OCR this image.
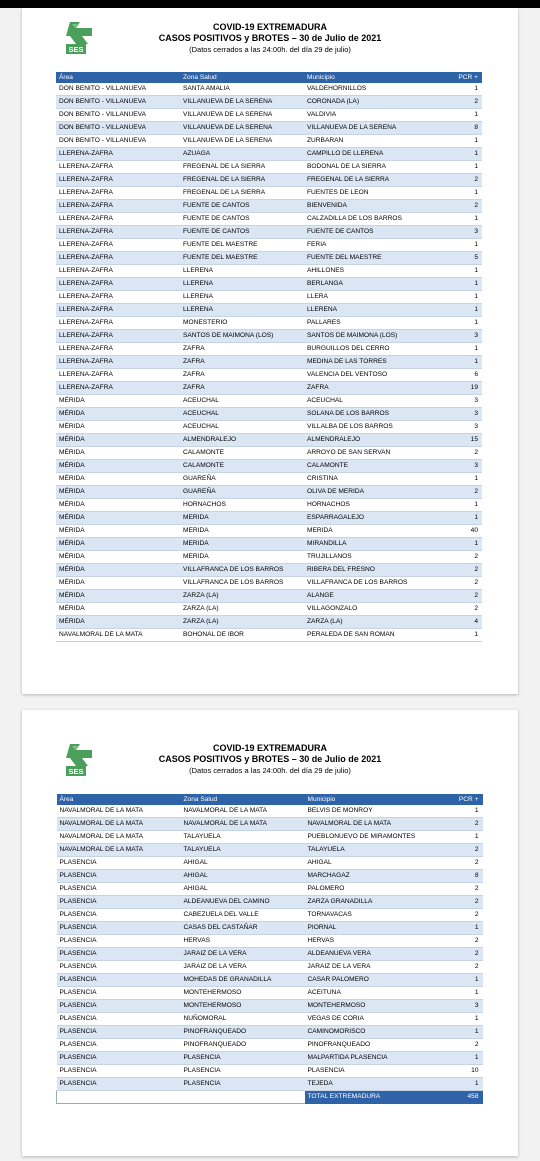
SES
COVID-19 EXTREMADURA
CASOS POSITIVOS y BROTES – 30 de Julio de 2021
(Datos cerrados a las 24:00h. del día 29 de julio)
Área	Zona Salud	Municipio	PCR +
DON BENITO - VILLANUEVA	SANTA AMALIA	VALDEHORNILLOS	1
DON BENITO - VILLANUEVA	VILLANUEVA DE LA SERENA	CORONADA (LA)	2
DON BENITO - VILLANUEVA	VILLANUEVA DE LA SERENA	VALDIVIA	1
DON BENITO - VILLANUEVA	VILLANUEVA DE LA SERENA	VILLANUEVA DE LA SERENA	8
DON BENITO - VILLANUEVA	VILLANUEVA DE LA SERENA	ZURBARAN	1
LLERENA-ZAFRA	AZUAGA	CAMPILLO DE LLERENA	1
LLERENA-ZAFRA	FREGENAL DE LA SIERRA	BODONAL DE LA SIERRA	1
LLERENA-ZAFRA	FREGENAL DE LA SIERRA	FREGENAL DE LA SIERRA	2
LLERENA-ZAFRA	FREGENAL DE LA SIERRA	FUENTES DE LEON	1
LLERENA-ZAFRA	FUENTE DE CANTOS	BIENVENIDA	2
LLERENA-ZAFRA	FUENTE DE CANTOS	CALZADILLA DE LOS BARROS	1
LLERENA-ZAFRA	FUENTE DE CANTOS	FUENTE DE CANTOS	3
LLERENA-ZAFRA	FUENTE DEL MAESTRE	FERIA	1
LLERENA-ZAFRA	FUENTE DEL MAESTRE	FUENTE DEL MAESTRE	5
LLERENA-ZAFRA	LLERENA	AHILLONES	1
LLERENA-ZAFRA	LLERENA	BERLANGA	1
LLERENA-ZAFRA	LLERENA	LLERA	1
LLERENA-ZAFRA	LLERENA	LLERENA	1
LLERENA-ZAFRA	MONESTERIO	PALLARES	1
LLERENA-ZAFRA	SANTOS DE MAIMONA (LOS)	SANTOS DE MAIMONA (LOS)	3
LLERENA-ZAFRA	ZAFRA	BURGUILLOS DEL CERRO	1
LLERENA-ZAFRA	ZAFRA	MEDINA DE LAS TORRES	1
LLERENA-ZAFRA	ZAFRA	VALENCIA DEL VENTOSO	6
LLERENA-ZAFRA	ZAFRA	ZAFRA	19
MÉRIDA	ACEUCHAL	ACEUCHAL	3
MÉRIDA	ACEUCHAL	SOLANA DE LOS BARROS	3
MÉRIDA	ACEUCHAL	VILLALBA DE LOS BARROS	3
MÉRIDA	ALMENDRALEJO	ALMENDRALEJO	15
MÉRIDA	CALAMONTE	ARROYO DE SAN SERVAN	2
MÉRIDA	CALAMONTE	CALAMONTE	3
MÉRIDA	GUAREÑA	CRISTINA	1
MÉRIDA	GUAREÑA	OLIVA DE MERIDA	2
MÉRIDA	HORNACHOS	HORNACHOS	1
MÉRIDA	MERIDA	ESPARRAGALEJO	1
MÉRIDA	MERIDA	MERIDA	40
MÉRIDA	MERIDA	MIRANDILLA	1
MÉRIDA	MERIDA	TRUJILLANOS	2
MÉRIDA	VILLAFRANCA DE LOS BARROS	RIBERA DEL FRESNO	2
MÉRIDA	VILLAFRANCA DE LOS BARROS	VILLAFRANCA DE LOS BARROS	2
MÉRIDA	ZARZA (LA)	ALANGE	2
MÉRIDA	ZARZA (LA)	VILLAGONZALO	2
MÉRIDA	ZARZA (LA)	ZARZA (LA)	4
NAVALMORAL DE LA MATA	BOHONAL DE IBOR	PERALEDA DE SAN ROMAN	1
SES
COVID-19 EXTREMADURA
CASOS POSITIVOS y BROTES – 30 de Julio de 2021
(Datos cerrados a las 24:00h. del día 29 de julio)
Área	Zona Salud	Municipio	PCR +
NAVALMORAL DE LA MATA	NAVALMORAL DE LA MATA	BELVIS DE MONROY	1
NAVALMORAL DE LA MATA	NAVALMORAL DE LA MATA	NAVALMORAL DE LA MATA	2
NAVALMORAL DE LA MATA	TALAYUELA	PUEBLONUEVO DE MIRAMONTES	1
NAVALMORAL DE LA MATA	TALAYUELA	TALAYUELA	2
PLASENCIA	AHIGAL	AHIGAL	2
PLASENCIA	AHIGAL	MARCHAGAZ	8
PLASENCIA	AHIGAL	PALOMERO	2
PLASENCIA	ALDEANUEVA DEL CAMINO	ZARZA GRANADILLA	2
PLASENCIA	CABEZUELA DEL VALLE	TORNAVACAS	2
PLASENCIA	CASAS DEL CASTAÑAR	PIORNAL	1
PLASENCIA	HERVAS	HERVAS	2
PLASENCIA	JARAIZ DE LA VERA	ALDEANUEVA VERA	2
PLASENCIA	JARAIZ DE LA VERA	JARAIZ DE LA VERA	2
PLASENCIA	MOHEDAS DE GRANADILLA	CASAR PALOMERO	1
PLASENCIA	MONTEHERMOSO	ACEITUNA	1
PLASENCIA	MONTEHERMOSO	MONTEHERMOSO	3
PLASENCIA	NUÑOMORAL	VEGAS DE CORIA	1
PLASENCIA	PINOFRANQUEADO	CAMINOMORISCO	1
PLASENCIA	PINOFRANQUEADO	PINOFRANQUEADO	2
PLASENCIA	PLASENCIA	MALPARTIDA PLASENCIA	1
PLASENCIA	PLASENCIA	PLASENCIA	10
PLASENCIA	PLASENCIA	TEJEDA	1
		TOTAL EXTREMADURA	458
